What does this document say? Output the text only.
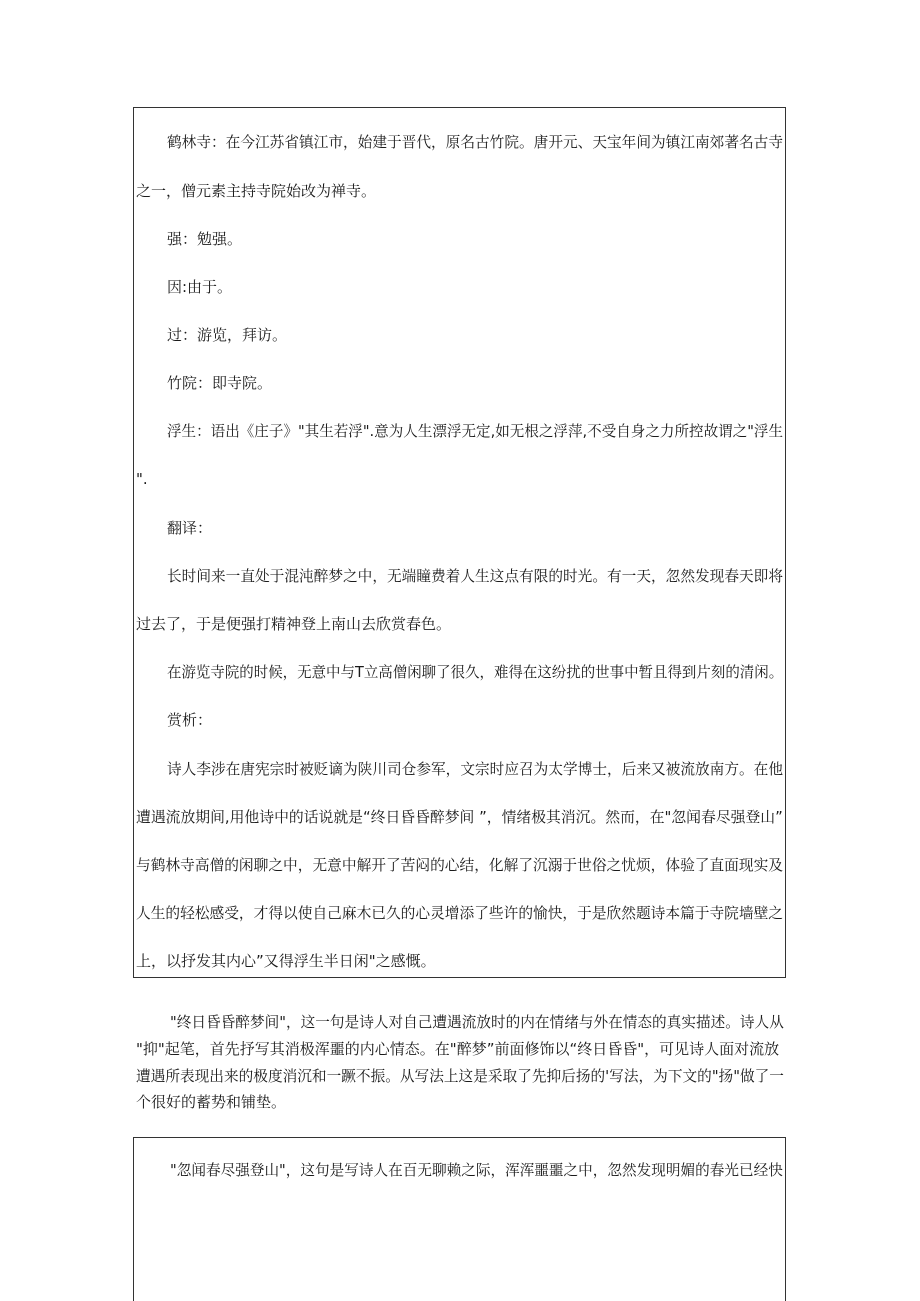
鹤林寺：在今江苏省镇江市，始建于晋代，原名古竹院。唐开元、天宝年间为镇江南郊著名古寺
之一，僧元素主持寺院始改为禅寺。
强：勉强。
因:由于。
过：游览，拜访。
竹院：即寺院。
浮生：语出《庄子》"其生若浮".意为人生漂浮无定,如无根之浮萍,不受自身之力所控故谓之"浮生
".
翻译：
长时间来一直处于混沌醉梦之中，无端瞳费着人生这点有限的时光。有一天，忽然发现春天即将
过去了，于是便强打精神登上南山去欣赏春色。
在游览寺院的时候，无意中与T立高僧闲聊了很久，难得在这纷扰的世事中暂且得到片刻的清闲。
赏析：
诗人李涉在唐宪宗时被贬谪为陕川司仓参军，文宗时应召为太学博士，后来又被流放南方。在他
遭遇流放期间,用他诗中的话说就是“终日昏昏醉梦间 ”，情绪极其消沉。然而，在"忽闻春尽强登山”
与鹤林寺高僧的闲聊之中，无意中解开了苦闷的心结，化解了沉溺于世俗之忧烦，体验了直面现实及
人生的轻松感受，才得以使自己麻木已久的心灵增添了些许的愉快，于是欣然题诗本篇于寺院墙壁之
上，以抒发其内心”又得浮生半日闲"之感慨。
"终日昏昏醉梦间"，这一句是诗人对自己遭遇流放时的内在情绪与外在情态的真实描述。诗人从
"抑"起笔，首先抒写其消极浑噩的内心情态。在"醉梦”前面修饰以“终日昏昏"，可见诗人面对流放
遭遇所表现出来的极度消沉和一蹶不振。从写法上这是采取了先抑后扬的'写法，为下文的"扬"做了一
个很好的蓄势和铺垫。
"忽闻春尽强登山"，这句是写诗人在百无聊赖之际，浑浑噩噩之中，忽然发现明媚的春光已经快
